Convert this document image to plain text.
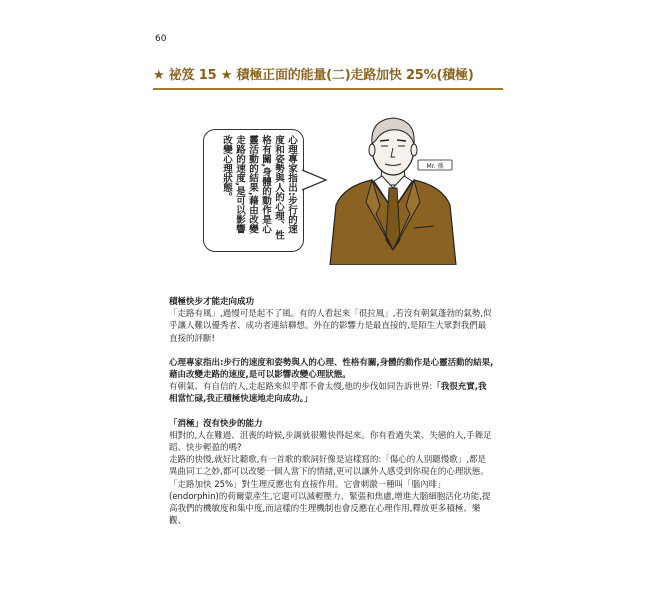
60
★ 祕笈 15 ★ 積極正面的能量(二)走路加快 25%(積極)
心理專家指出:步行的速
度和姿勢與人的心理、性
格有關,身體的動作是心
靈活動的結果,藉由改變
走路的速度,是可以影響
改變心理狀態。	Mr. 孫

積極快步才能走向成功

「走路有風」,過慢可是起不了風。有的人看起來「很拉風」,若沒有朝氣蓬勃的氣勢,似乎讓人難以優秀者、成功者連結聯想。外在的影響力是最直接的,是陌生大眾對我們最直接的評斷!

心理專家指出:步行的速度和姿勢與人的心理、性格有關,身體的動作是心靈活動的結果,藉由改變走路的速度,是可以影響改變心理狀態。

有朝氣、有自信的人,走起路來似乎都不會太慢,他的步伐如同告訴世界:「我很充實,我相當忙碌,我正積極快速地走向成功。」

「消極」沒有快步的能力

相對的,人在難過、沮喪的時候,步調就很難快得起來。你有看過失業、失戀的人,手舞足蹈、快步輕盈的嗎?

走路的快慢,就好比聽歌,有一首歌的歌詞好像是這樣寫的:「傷心的人別聽慢歌」,都是異曲同工之妙,都可以改變一個人當下的情緒,更可以讓外人感受到你現在的心理狀態。

「走路加快 25%」對生理反應也有直接作用。它會刺激一種叫「腦內啡」(endorphin)的荷爾蒙產生,它還可以減輕壓力、緊張和焦慮,增進大腦細胞活化功能,提高我們的機敏度和集中度,而這樣的生理機制也會反應在心理作用,釋放更多積極、樂觀、
